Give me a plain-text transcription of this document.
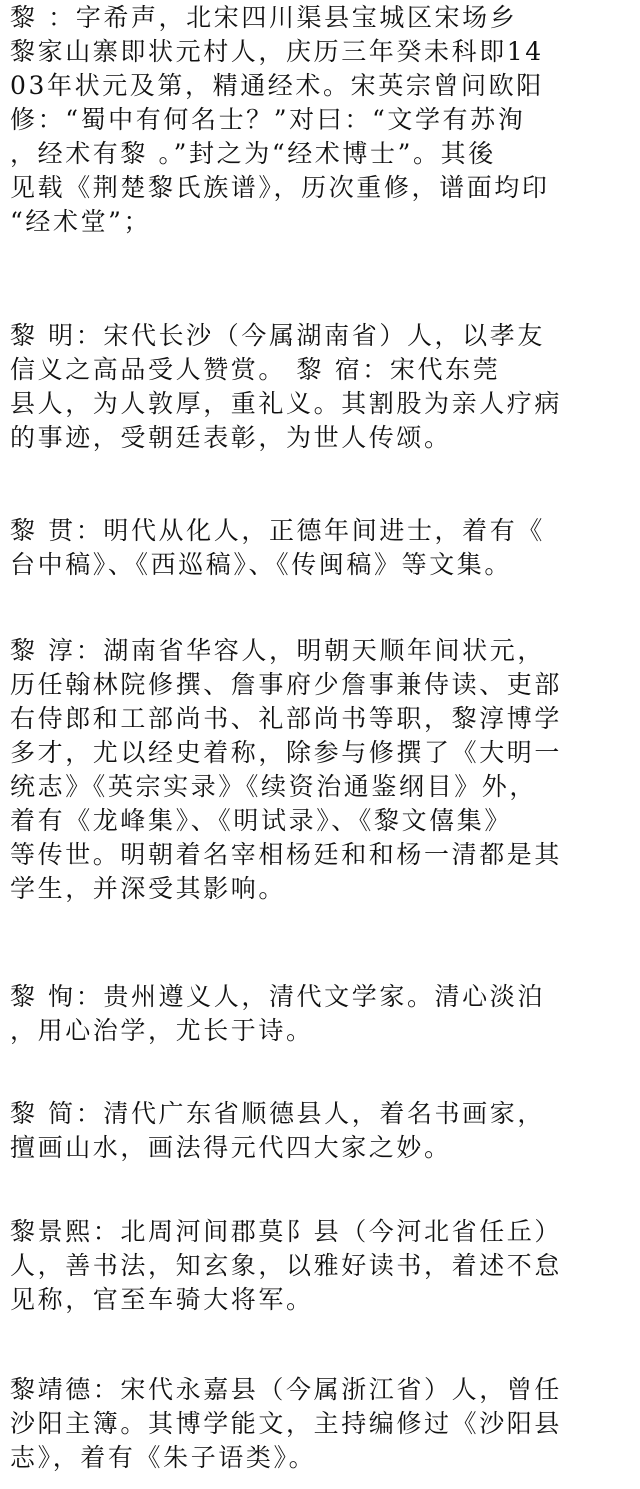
黎 ：字希声，北宋四川渠县宝城区宋场乡
黎家山寨即状元村人，庆历三年癸未科即14
03年状元及第，精通经术。宋英宗曾问欧阳
修：“蜀中有何名士？”对曰：“文学有苏洵
，经术有黎 。”封之为“经术博士”。其後
见载《荆楚黎氏族谱》，历次重修，谱面均印
“经术堂”；
黎 明：宋代长沙（今属湖南省）人，以孝友
信义之高品受人赞赏。 黎 宿：宋代东莞
县人，为人敦厚，重礼义。其割股为亲人疗病
的事迹，受朝廷表彰，为世人传颂。
黎 贯：明代从化人，正德年间进士，着有《
台中稿》、《西巡稿》、《传闽稿》等文集。
黎 淳：湖南省华容人，明朝天顺年间状元，
历任翰林院修撰、詹事府少詹事兼侍读、吏部
右侍郎和工部尚书、礼部尚书等职，黎淳博学
多才，尤以经史着称，除参与修撰了《大明一
统志》《英宗实录》《续资治通鉴纲目》外，
着有《龙峰集》、《明试录》、《黎文僖集》
等传世。明朝着名宰相杨廷和和杨一清都是其
学生，并深受其影响。
黎 恂：贵州遵义人，清代文学家。清心淡泊
，用心治学，尤长于诗。
黎 简：清代广东省顺德县人，着名书画家，
擅画山水，画法得元代四大家之妙。
黎景熙：北周河间郡莫阝县（今河北省任丘）
人，善书法，知玄象，以雅好读书，着述不怠
见称，官至车骑大将军。
黎靖德：宋代永嘉县（今属浙江省）人，曾任
沙阳主簿。其博学能文，主持编修过《沙阳县
志》，着有《朱子语类》。
